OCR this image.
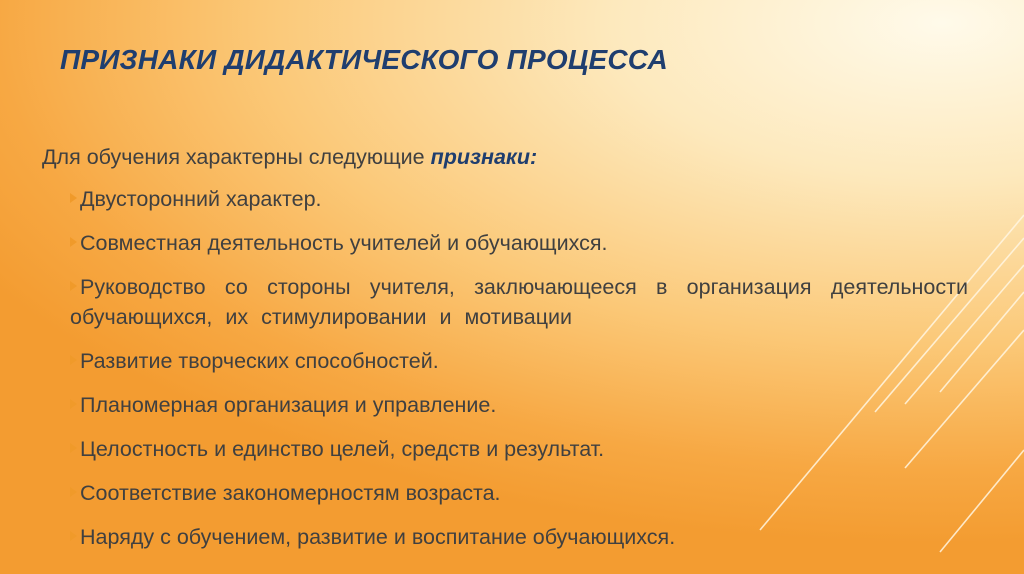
ПРИЗНАКИ ДИДАКТИЧЕСКОГО ПРОЦЕССА

Для обучения характерны следующие признаки:

Двусторонний характер.
Совместная деятельность учителей и обучающихся.
Руководство со стороны учителя, заключающееся в организация деятельности обучающихся, их стимулировании и мотивации
Развитие творческих способностей.
Планомерная организация и управление.
Целостность и единство целей, средств и результат.
Соответствие закономерностям возраста.
Наряду с обучением, развитие и воспитание обучающихся.
